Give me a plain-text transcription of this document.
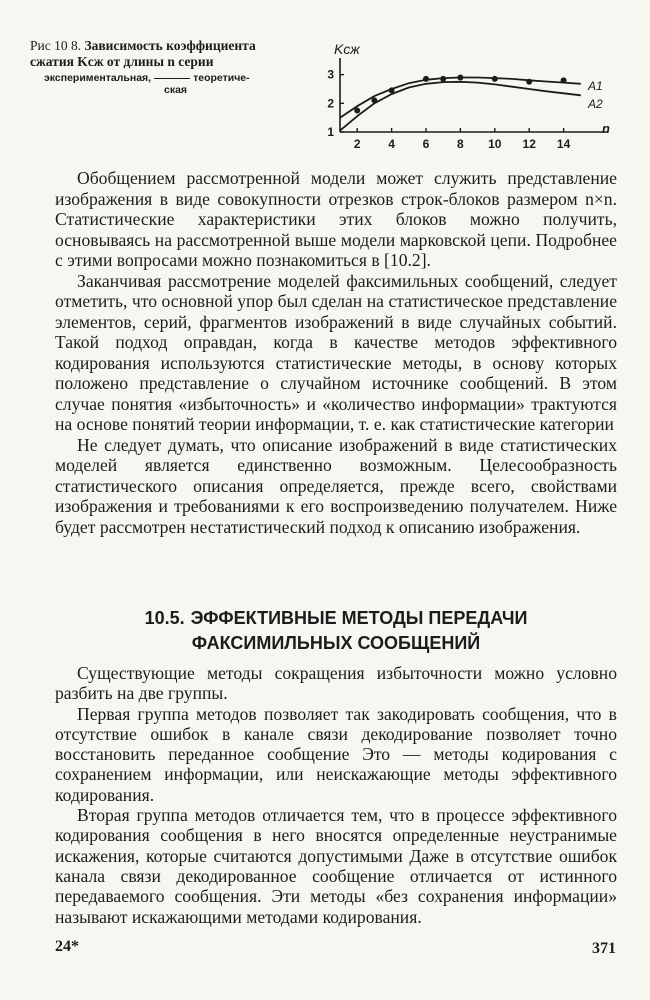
Рис 10 8. Зависимость коэффициента сжатия Kсж от длины n серии
экспериментальная,	теоретиче-
ская
2 4 6 8 10 12 14
1
2
3
Kсж
n
A1
A2

Обобщением рассмотренной модели может служить представление изображения в виде совокупности отрезков строк-блоков размером n×n. Статистические характеристики этих блоков можно получить, основываясь на рассмотренной выше модели марковской цепи. Подробнее с этими вопросами можно познакомиться в [10.2].

Заканчивая рассмотрение моделей факсимильных сообщений, следует отметить, что основной упор был сделан на статистическое представление элементов, серий, фрагментов изображений в виде случайных событий. Такой подход оправдан, когда в качестве методов эффективного кодирования используются статистические методы, в основу которых положено представление о случайном источнике сообщений. В этом случае понятия «избыточность» и «количество информации» трактуются на основе понятий теории информации, т. е. как статистические категории

Не следует думать, что описание изображений в виде статистических моделей является единственно возможным. Целесообразность статистического описания определяется, прежде всего, свойствами изображения и требованиями к его воспроизведению получателем. Ниже будет рассмотрен нестатистический подход к описанию изображения.

10.5. ЭФФЕКТИВНЫЕ МЕТОДЫ ПЕРЕДАЧИ
ФАКСИМИЛЬНЫХ СООБЩЕНИЙ

Существующие методы сокращения избыточности можно условно разбить на две группы.

Первая группа методов позволяет так закодировать сообщения, что в отсутствие ошибок в канале связи декодирование позволяет точно восстановить переданное сообщение Это — методы кодирования с сохранением информации, или неискажающие методы эффективного кодирования.

Вторая группа методов отличается тем, что в процессе эффективного кодирования сообщения в него вносятся определенные неустранимые искажения, которые считаются допустимыми Даже в отсутствие ошибок канала связи декодированное сообщение отличается от истинного передаваемого сообщения. Эти методы «без сохранения информации» называют искажающими методами кодирования.

24*	371
